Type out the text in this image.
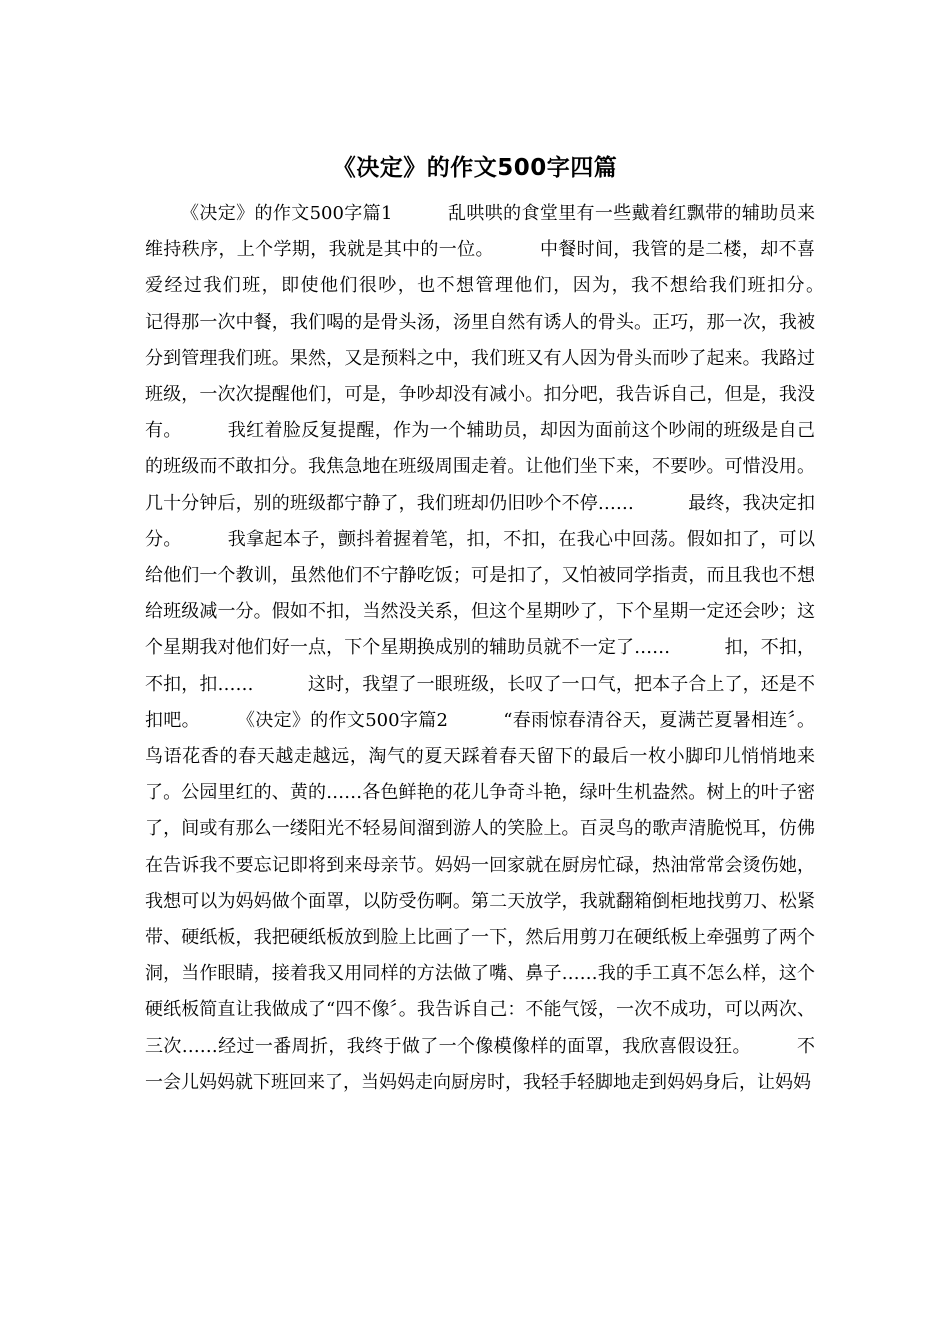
《决定》的作文500字四篇

《决定》的作文500字篇1　　　乱哄哄的食堂里有一些戴着红飘带的辅助员来维持秩序，上个学期，我就是其中的一位。　　　中餐时间，我管的是二楼，却不喜爱经过我们班，即使他们很吵，也不想管理他们，因为，我不想给我们班扣分。　　　记得那一次中餐，我们喝的是骨头汤，汤里自然有诱人的骨头。正巧，那一次，我被分到管理我们班。果然，又是预料之中，我们班又有人因为骨头而吵了起来。我路过班级，一次次提醒他们，可是，争吵却没有减小。扣分吧，我告诉自己，但是，我没有。　　　我红着脸反复提醒，作为一个辅助员，却因为面前这个吵闹的班级是自己的班级而不敢扣分。我焦急地在班级周围走着。让他们坐下来，不要吵。可惜没用。几十分钟后，别的班级都宁静了，我们班却仍旧吵个不停……　　　最终，我决定扣分。　　　我拿起本子，颤抖着握着笔，扣，不扣，在我心中回荡。假如扣了，可以给他们一个教训，虽然他们不宁静吃饭；可是扣了，又怕被同学指责，而且我也不想给班级减一分。假如不扣，当然没关系，但这个星期吵了，下个星期一定还会吵；这个星期我对他们好一点，下个星期换成别的辅助员就不一定了……　　　扣，不扣，不扣，扣……　　　这时，我望了一眼班级，长叹了一口气，把本子合上了，还是不扣吧。　　　《决定》的作文500字篇2　　　“春雨惊春清谷天，夏满芒夏暑相连〞。鸟语花香的春天越走越远，淘气的夏天踩着春天留下的最后一枚小脚印儿悄悄地来了。公园里红的、黄的……各色鲜艳的花儿争奇斗艳，绿叶生机盎然。树上的叶子密了，间或有那么一缕阳光不轻易间溜到游人的笑脸上。百灵鸟的歌声清脆悦耳，仿佛在告诉我不要忘记即将到来母亲节。妈妈一回家就在厨房忙碌，热油常常会烫伤她，我想可以为妈妈做个面罩，以防受伤啊。第二天放学，我就翻箱倒柜地找剪刀、松紧带、硬纸板，我把硬纸板放到脸上比画了一下，然后用剪刀在硬纸板上牵强剪了两个洞，当作眼睛，接着我又用同样的方法做了嘴、鼻子……我的手工真不怎么样，这个硬纸板简直让我做成了“四不像〞。我告诉自己：不能气馁，一次不成功，可以两次、三次……经过一番周折，我终于做了一个像模像样的面罩，我欣喜假设狂。　　　不一会儿妈妈就下班回来了，当妈妈走向厨房时，我轻手轻脚地走到妈妈身后，让妈妈
